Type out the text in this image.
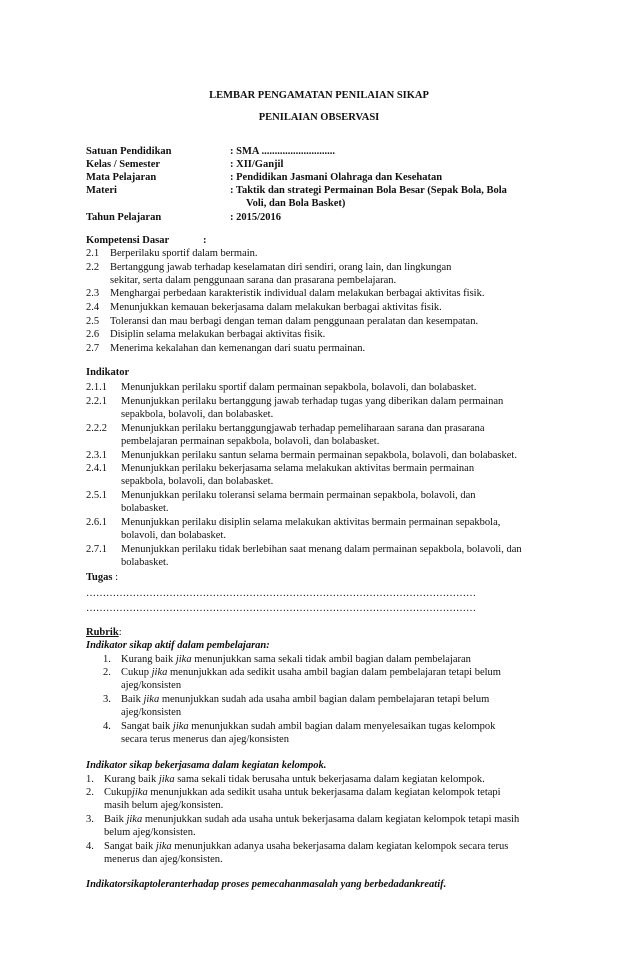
LEMBAR PENGAMATAN PENILAIAN SIKAP
PENILAIAN OBSERVASI
Satuan Pendidikan	: SMA ............................
Kelas / Semester	: XII/Ganjil
Mata Pelajaran	: Pendidikan Jasmani Olahraga dan Kesehatan
Materi	: Taktik dan strategi Permainan Bola Besar (Sepak Bola, Bola
Voli, dan Bola Basket)
Tahun Pelajaran	: 2015/2016
Kompetensi Dasar	:
2.1 Berperilaku sportif dalam bermain.
2.2 Bertanggung jawab terhadap keselamatan diri sendiri, orang lain, dan lingkungan
sekitar, serta dalam penggunaan sarana dan prasarana pembelajaran.
2.3 Menghargai perbedaan karakteristik individual dalam melakukan berbagai aktivitas fisik.
2.4 Menunjukkan kemauan bekerjasama dalam melakukan berbagai aktivitas fisik.
2.5 Toleransi dan mau berbagi dengan teman dalam penggunaan peralatan dan kesempatan.
2.6 Disiplin selama melakukan berbagai aktivitas fisik.
2.7 Menerima kekalahan dan kemenangan dari suatu permainan.
Indikator
2.1.1 Menunjukkan perilaku sportif dalam permainan sepakbola, bolavoli, dan bolabasket.
2.2.1 Menunjukkan perilaku bertanggung jawab terhadap tugas yang diberikan dalam permainan
sepakbola, bolavoli, dan bolabasket.
2.2.2 Menunjukkan perilaku bertanggungjawab terhadap pemeliharaan sarana dan prasarana
pembelajaran permainan sepakbola, bolavoli, dan bolabasket.
2.3.1 Menunjukkan perilaku santun selama bermain permainan sepakbola, bolavoli, dan bolabasket.
2.4.1 Menunjukkan perilaku bekerjasama selama melakukan aktivitas bermain permainan
sepakbola, bolavoli, dan bolabasket.
2.5.1 Menunjukkan perilaku toleransi selama bermain permainan sepakbola, bolavoli, dan
bolabasket.
2.6.1 Menunjukkan perilaku disiplin selama melakukan aktivitas bermain permainan sepakbola,
bolavoli, dan bolabasket.
2.7.1 Menunjukkan perilaku tidak berlebihan saat menang dalam permainan sepakbola, bolavoli, dan
bolabasket.
Tugas :
………………………………………………………………………………………………………
………………………………………………………………………………………………………
Rubrik:
Indikator sikap aktif dalam pembelajaran:
1. Kurang baik jika menunjukkan sama sekali tidak ambil bagian dalam pembelajaran
2. Cukup jika menunjukkan ada sedikit usaha ambil bagian dalam pembelajaran tetapi belum
ajeg/konsisten
3. Baik jika menunjukkan sudah ada usaha ambil bagian dalam pembelajaran tetapi belum
ajeg/konsisten
4. Sangat baik jika menunjukkan sudah ambil bagian dalam menyelesaikan tugas kelompok
secara terus menerus dan ajeg/konsisten
Indikator sikap bekerjasama dalam kegiatan kelompok.
1. Kurang baik jika sama sekali tidak berusaha untuk bekerjasama dalam kegiatan kelompok.
2. Cukupjika menunjukkan ada sedikit usaha untuk bekerjasama dalam kegiatan kelompok tetapi
masih belum ajeg/konsisten.
3. Baik jika menunjukkan sudah ada usaha untuk bekerjasama dalam kegiatan kelompok tetapi masih
belum ajeg/konsisten.
4. Sangat baik jika menunjukkan adanya usaha bekerjasama dalam kegiatan kelompok secara terus
menerus dan ajeg/konsisten.
Indikatorsikaptoleranterhadap proses pemecahanmasalah yang berbedadankreatif.
